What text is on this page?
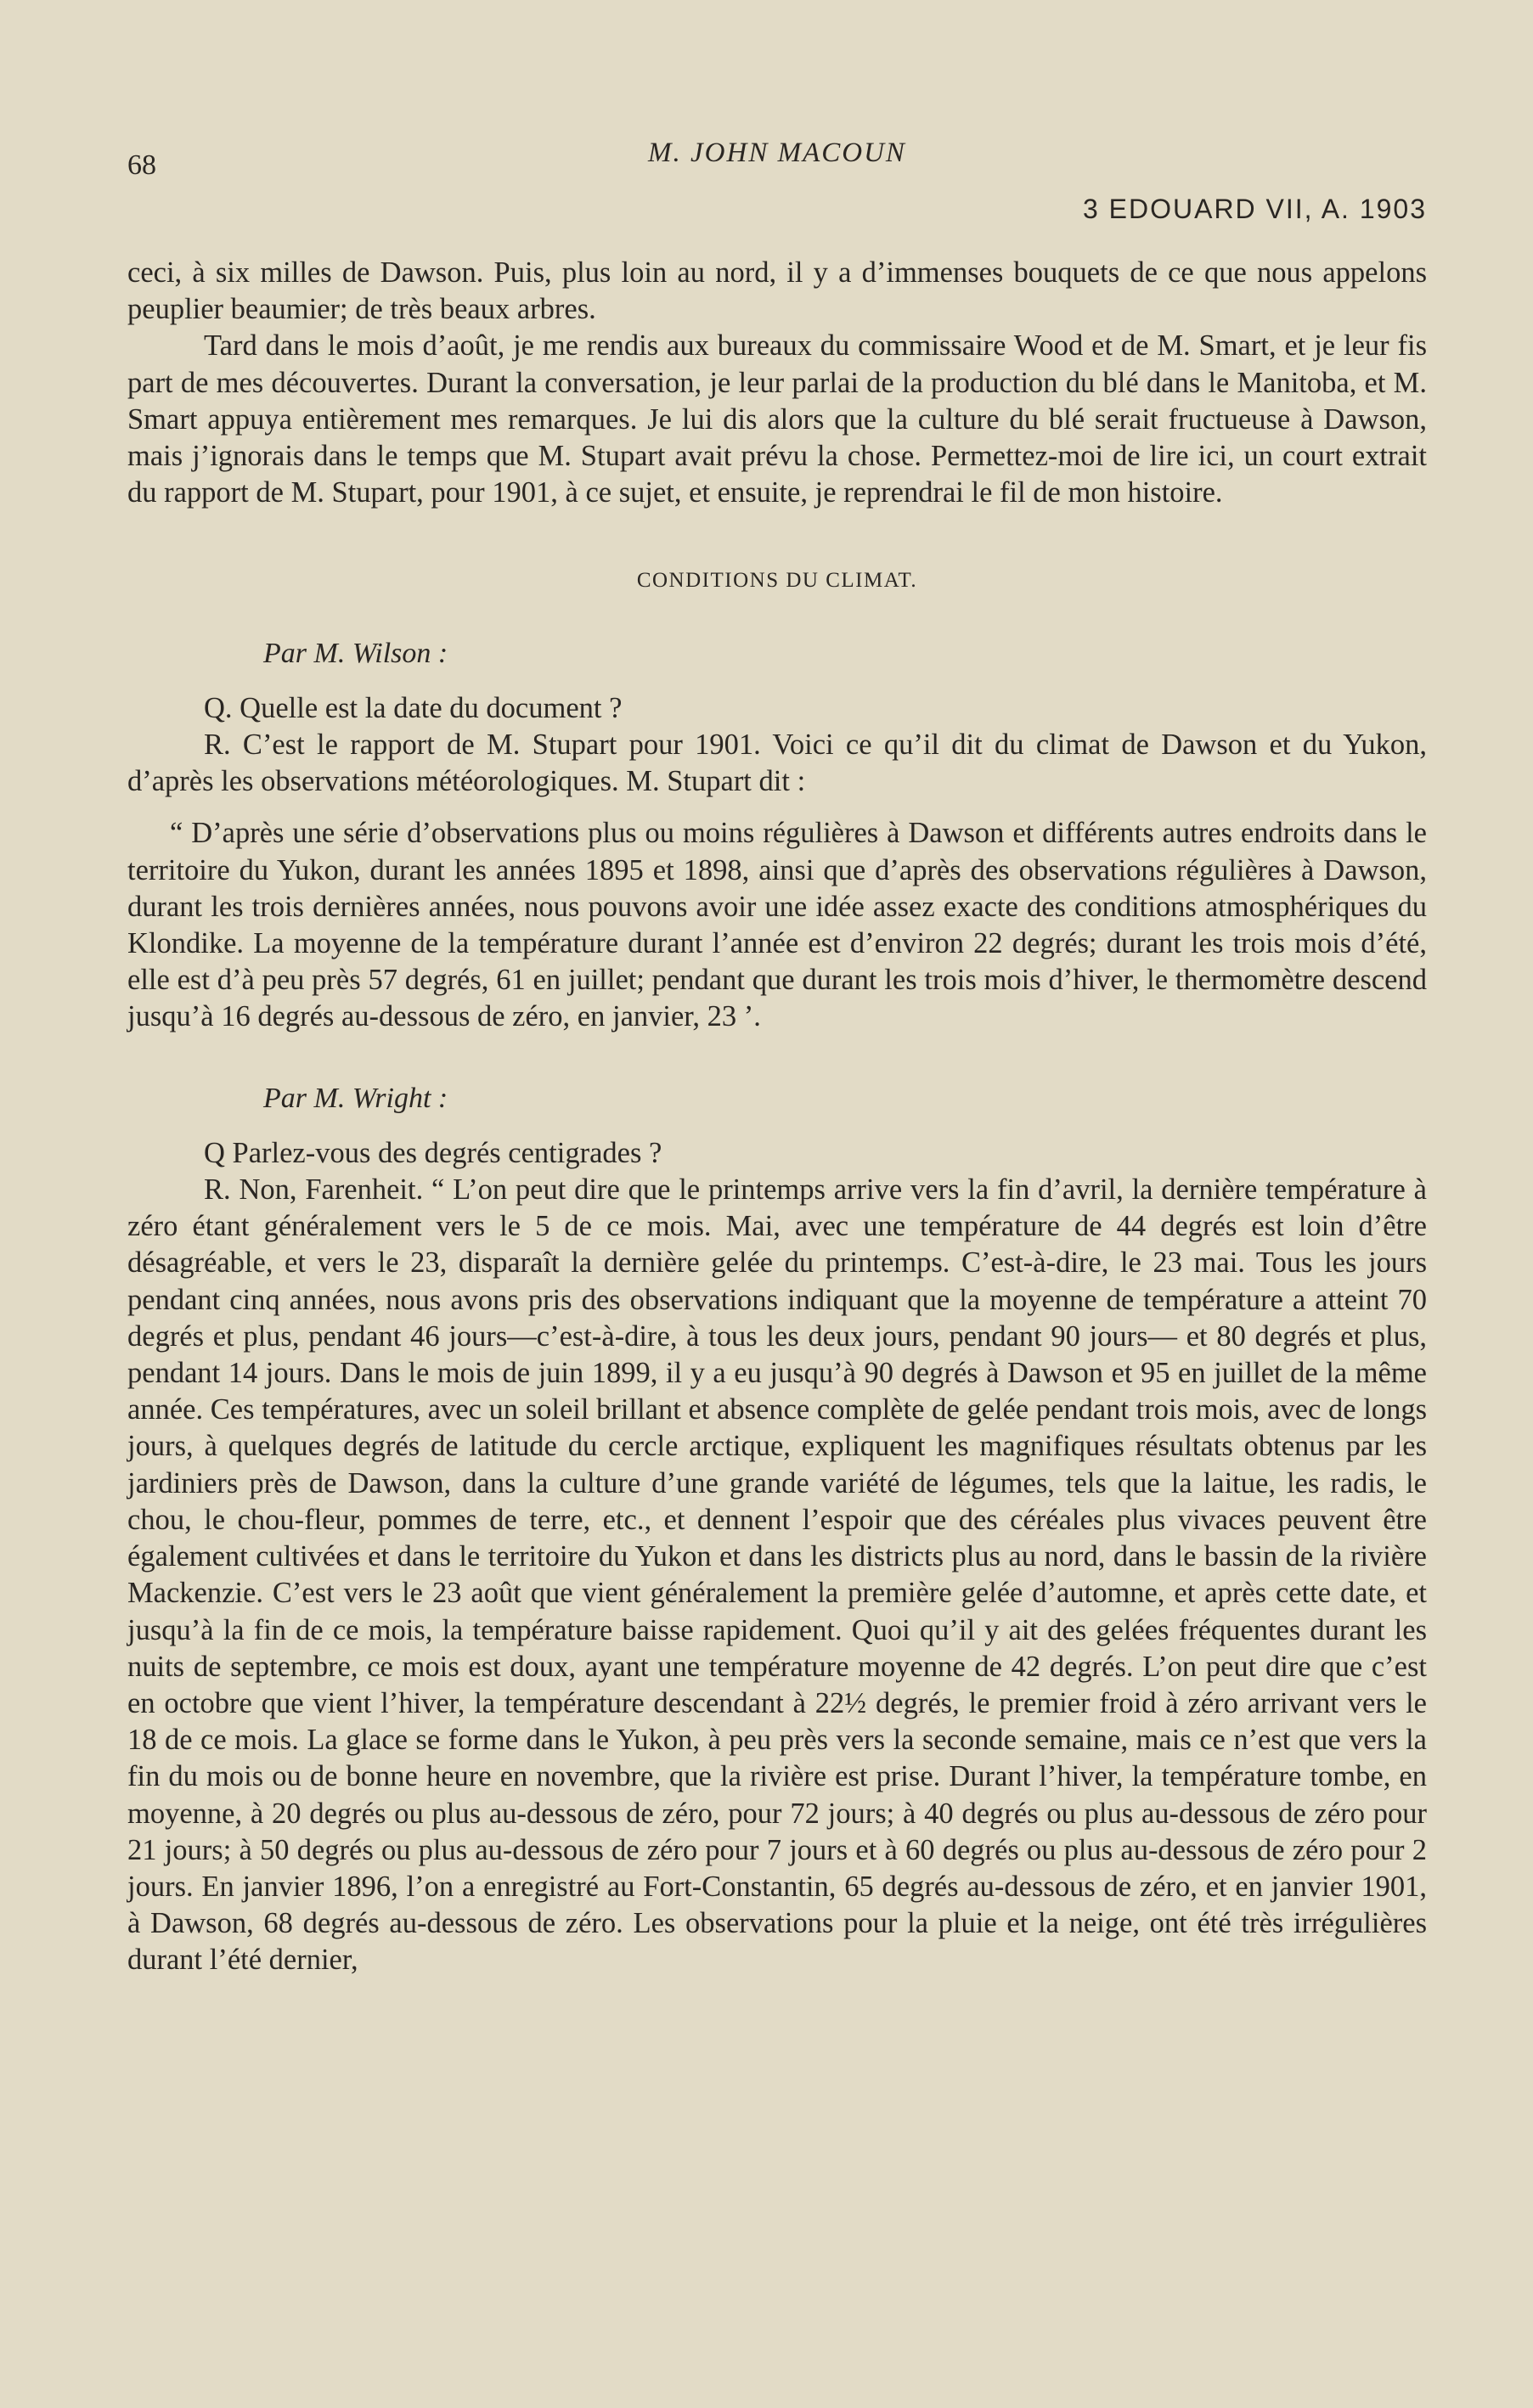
68	M. JOHN MACOUN
3 EDOUARD VII, A. 1903

ceci, à six milles de Dawson. Puis, plus loin au nord, il y a d’immenses bouquets de ce que nous appelons peuplier beaumier; de très beaux arbres.

Tard dans le mois d’août, je me rendis aux bureaux du commissaire Wood et de M. Smart, et je leur fis part de mes découvertes. Durant la conversation, je leur parlai de la production du blé dans le Manitoba, et M. Smart appuya entièrement mes remarques. Je lui dis alors que la culture du blé serait fructueuse à Dawson, mais j’ignorais dans le temps que M. Stupart avait prévu la chose. Permettez-moi de lire ici, un court extrait du rapport de M. Stupart, pour 1901, à ce sujet, et ensuite, je reprendrai le fil de mon histoire.

CONDITIONS DU CLIMAT.

Par M. Wilson :

Q. Quelle est la date du document ?

R. C’est le rapport de M. Stupart pour 1901. Voici ce qu’il dit du climat de Dawson et du Yukon, d’après les observations météorologiques. M. Stupart dit :

“ D’après une série d’observations plus ou moins régulières à Dawson et différents autres endroits dans le territoire du Yukon, durant les années 1895 et 1898, ainsi que d’après des observations régulières à Dawson, durant les trois dernières années, nous pouvons avoir une idée assez exacte des conditions atmosphériques du Klondike. La moyenne de la température durant l’année est d’environ 22 degrés; durant les trois mois d’été, elle est d’à peu près 57 degrés, 61 en juillet; pendant que durant les trois mois d’hiver, le thermomètre descend jusqu’à 16 degrés au-dessous de zéro, en janvier, 23 ’.

Par M. Wright :

Q Parlez-vous des degrés centigrades ?

R. Non, Farenheit. “ L’on peut dire que le printemps arrive vers la fin d’avril, la dernière température à zéro étant généralement vers le 5 de ce mois. Mai, avec une température de 44 degrés est loin d’être désagréable, et vers le 23, disparaît la dernière gelée du printemps. C’est-à-dire, le 23 mai. Tous les jours pendant cinq années, nous avons pris des observations indiquant que la moyenne de température a atteint 70 degrés et plus, pendant 46 jours—c’est-à-dire, à tous les deux jours, pendant 90 jours— et 80 degrés et plus, pendant 14 jours. Dans le mois de juin 1899, il y a eu jusqu’à 90 degrés à Dawson et 95 en juillet de la même année. Ces températures, avec un soleil brillant et absence complète de gelée pendant trois mois, avec de longs jours, à quelques degrés de latitude du cercle arctique, expliquent les magnifiques résultats obtenus par les jardiniers près de Dawson, dans la culture d’une grande variété de légumes, tels que la laitue, les radis, le chou, le chou-fleur, pommes de terre, etc., et dennent l’espoir que des céréales plus vivaces peuvent être également cultivées et dans le territoire du Yukon et dans les districts plus au nord, dans le bassin de la rivière Mackenzie. C’est vers le 23 août que vient généralement la première gelée d’automne, et après cette date, et jusqu’à la fin de ce mois, la température baisse rapidement. Quoi qu’il y ait des gelées fréquentes durant les nuits de septembre, ce mois est doux, ayant une température moyenne de 42 degrés. L’on peut dire que c’est en octobre que vient l’hiver, la température descendant à 22½ degrés, le premier froid à zéro arrivant vers le 18 de ce mois. La glace se forme dans le Yukon, à peu près vers la seconde semaine, mais ce n’est que vers la fin du mois ou de bonne heure en novembre, que la rivière est prise. Durant l’hiver, la température tombe, en moyenne, à 20 degrés ou plus au-dessous de zéro, pour 72 jours; à 40 degrés ou plus au-dessous de zéro pour 21 jours; à 50 degrés ou plus au-dessous de zéro pour 7 jours et à 60 degrés ou plus au-dessous de zéro pour 2 jours. En janvier 1896, l’on a enregistré au Fort-Constantin, 65 degrés au-dessous de zéro, et en janvier 1901, à Dawson, 68 degrés au-dessous de zéro. Les observations pour la pluie et la neige, ont été très irrégulières durant l’été dernier,
